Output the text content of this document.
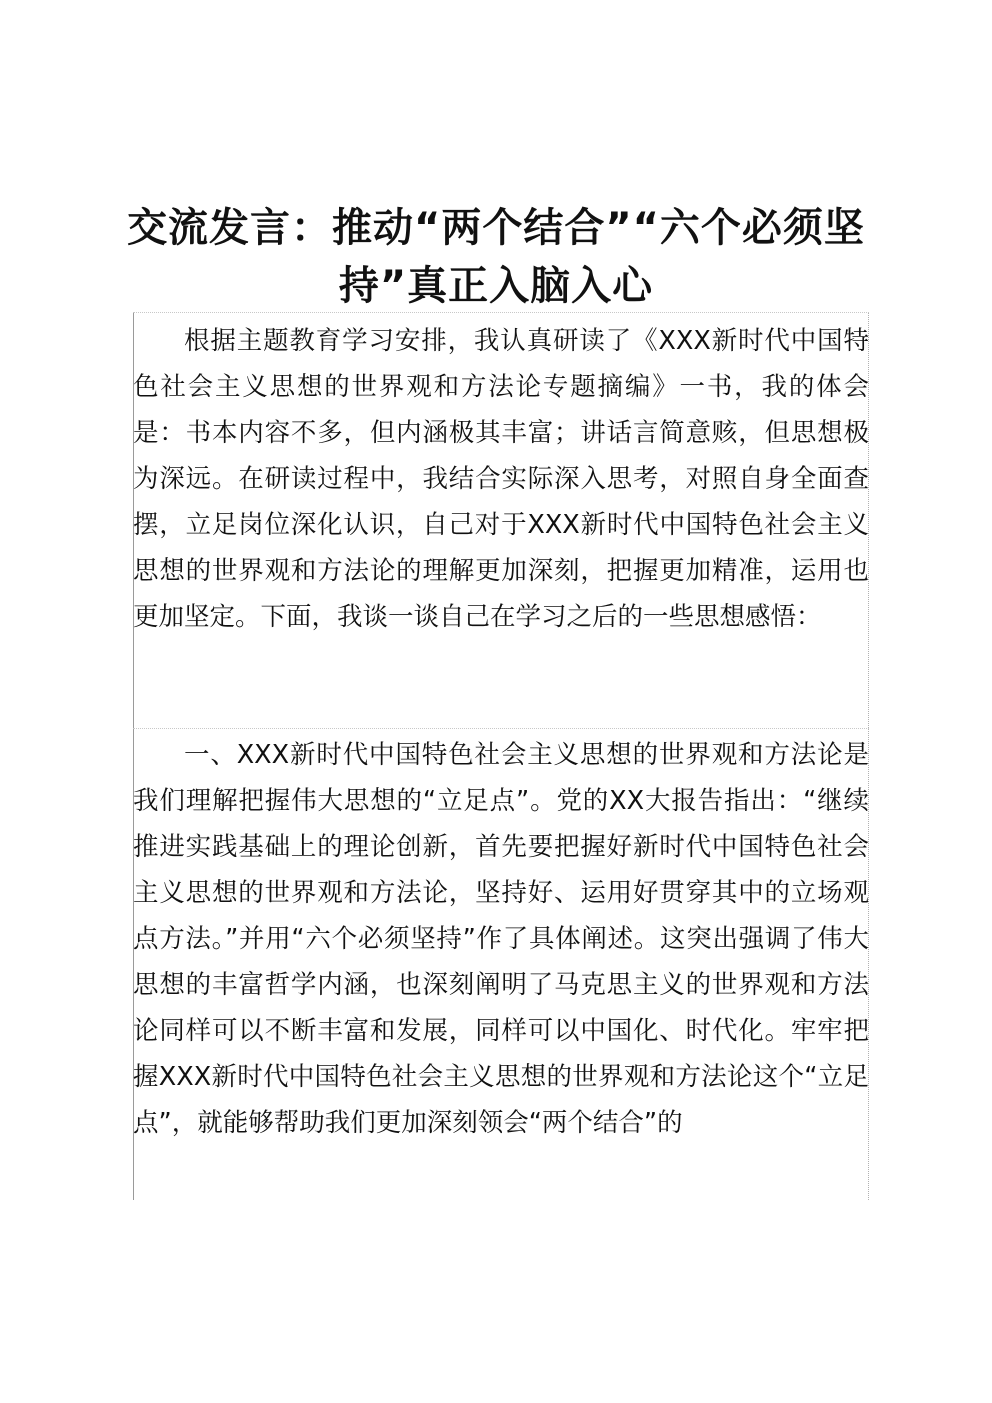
交流发言：推动“两个结合”“六个必须坚持”真正入脑入心

根据主题教育学习安排，我认真研读了《XXX新时代中国特色社会主义思想的世界观和方法论专题摘编》一书，我的体会是：书本内容不多，但内涵极其丰富；讲话言简意赅，但思想极为深远。在研读过程中，我结合实际深入思考，对照自身全面查摆，立足岗位深化认识，自己对于XXX新时代中国特色社会主义思想的世界观和方法论的理解更加深刻，把握更加精准，运用也更加坚定。下面，我谈一谈自己在学习之后的一些思想感悟：

一、XXX新时代中国特色社会主义思想的世界观和方法论是我们理解把握伟大思想的“立足点”。党的XX大报告指出：“继续推进实践基础上的理论创新，首先要把握好新时代中国特色社会主义思想的世界观和方法论，坚持好、运用好贯穿其中的立场观点方法。”并用“六个必须坚持”作了具体阐述。这突出强调了伟大思想的丰富哲学内涵，也深刻阐明了马克思主义的世界观和方法论同样可以不断丰富和发展，同样可以中国化、时代化。牢牢把握XXX新时代中国特色社会主义思想的世界观和方法论这个“立足点”，就能够帮助我们更加深刻领会“两个结合”的
